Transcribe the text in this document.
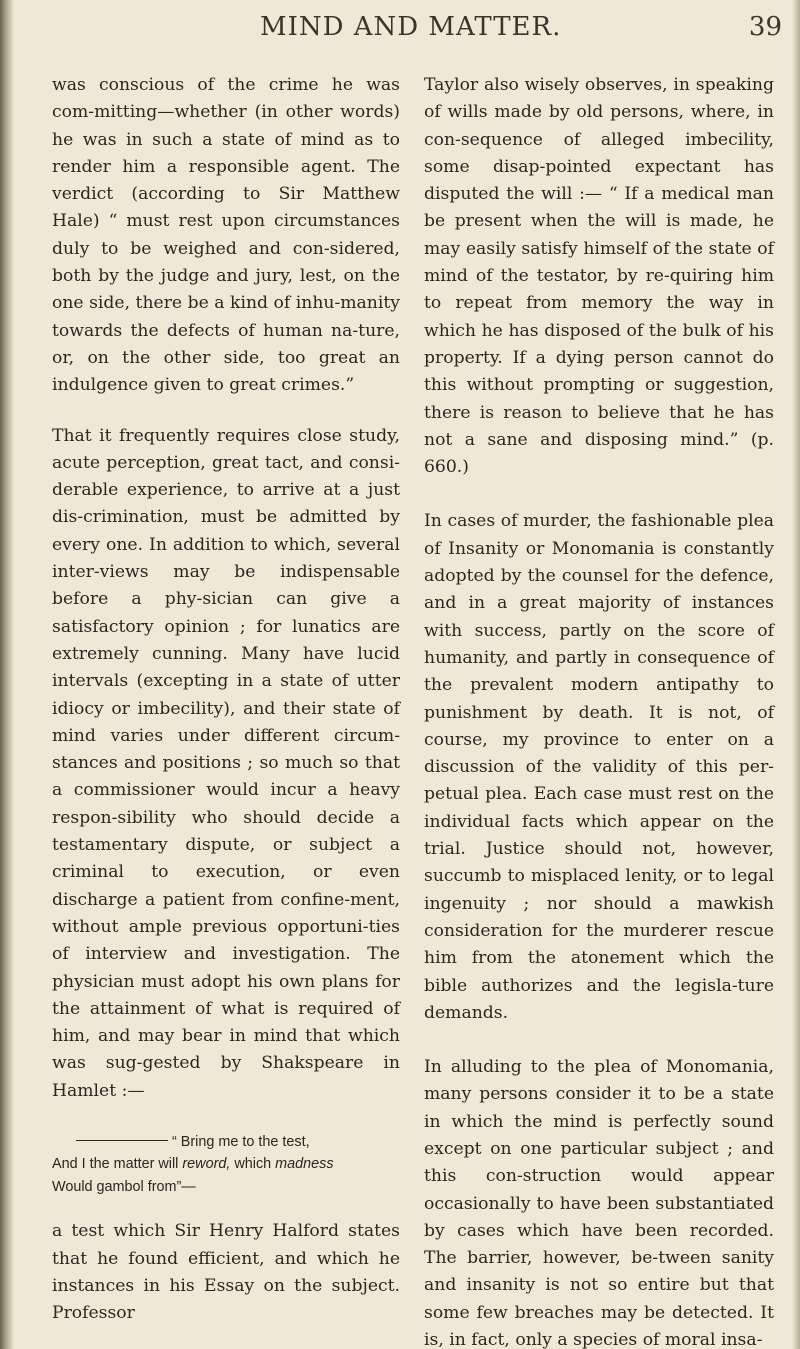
MIND AND MATTER.	39

was conscious of the crime he was com-mitting—whether (in other words) he was in such a state of mind as to render him a responsible agent. The verdict (according to Sir Matthew Hale) “ must rest upon circumstances duly to be weighed and con-sidered, both by the judge and jury, lest, on the one side, there be a kind of inhu-manity towards the defects of human na-ture, or, on the other side, too great an indulgence given to great crimes.”

That it frequently requires close study, acute perception, great tact, and consi-derable experience, to arrive at a just dis-crimination, must be admitted by every one. In addition to which, several inter-views may be indispensable before a phy-sician can give a satisfactory opinion ; for lunatics are extremely cunning. Many have lucid intervals (excepting in a state of utter idiocy or imbecility), and their state of mind varies under different circum-stances and positions ; so much so that a commissioner would incur a heavy respon-sibility who should decide a testamentary dispute, or subject a criminal to execution, or even discharge a patient from confine-ment, without ample previous opportuni-ties of interview and investigation. The physician must adopt his own plans for the attainment of what is required of him, and may bear in mind that which was sug-gested by Shakspeare in Hamlet :—

“ Bring me to the test,
And I the matter will reword, which madness
Would gambol from”—

a test which Sir Henry Halford states that he found efficient, and which he instances in his Essay on the subject. Professor

Taylor also wisely observes, in speaking of wills made by old persons, where, in con-sequence of alleged imbecility, some disap-pointed expectant has disputed the will :— “ If a medical man be present when the will is made, he may easily satisfy himself of the state of mind of the testator, by re-quiring him to repeat from memory the way in which he has disposed of the bulk of his property. If a dying person cannot do this without prompting or suggestion, there is reason to believe that he has not a sane and disposing mind.” (p. 660.)

In cases of murder, the fashionable plea of Insanity or Monomania is constantly adopted by the counsel for the defence, and in a great majority of instances with success, partly on the score of humanity, and partly in consequence of the prevalent modern antipathy to punishment by death. It is not, of course, my province to enter on a discussion of the validity of this per-petual plea. Each case must rest on the individual facts which appear on the trial. Justice should not, however, succumb to misplaced lenity, or to legal ingenuity ; nor should a mawkish consideration for the murderer rescue him from the atonement which the bible authorizes and the legisla-ture demands.

In alluding to the plea of Monomania, many persons consider it to be a state in which the mind is perfectly sound except on one particular subject ; and this con-struction would appear occasionally to have been substantiated by cases which have been recorded. The barrier, however, be-tween sanity and insanity is not so entire but that some few breaches may be detected. It is, in fact, only a species of moral insa-
